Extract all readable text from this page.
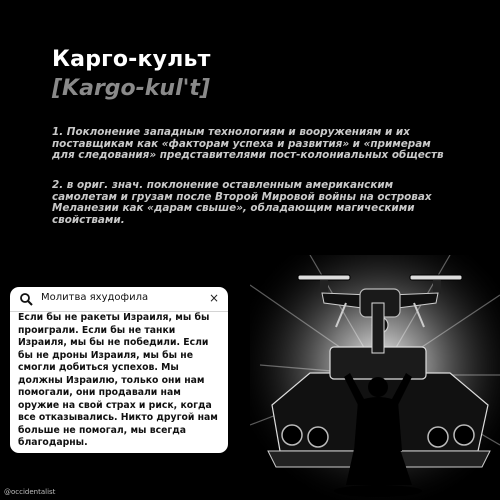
Карго-культ
[Kargo-kul't]

1. Поклонение западным технологиям и вооружениям и их поставщикам как «факторам успеха и развития» и «примерам для следования» представителями пост-колониальных обществ

2. в ориг. знач. поклонение оставленным американским самолетам и грузам после Второй Мировой войны на островах Меланезии как «дарам свыше», обладающим магическими свойствами.

Молитва яхудофила	×

Если бы не ракеты Израиля, мы бы проиграли. Если бы не танки Израиля, мы бы не победили. Если бы не дроны Израиля, мы бы не смогли добиться успехов. Мы должны Израилю, только они нам помогали, они продавали нам оружие на свой страх и риск, когда все отказывались. Никто другой нам больше не помогал, мы всегда благодарны.

@occidentalist
